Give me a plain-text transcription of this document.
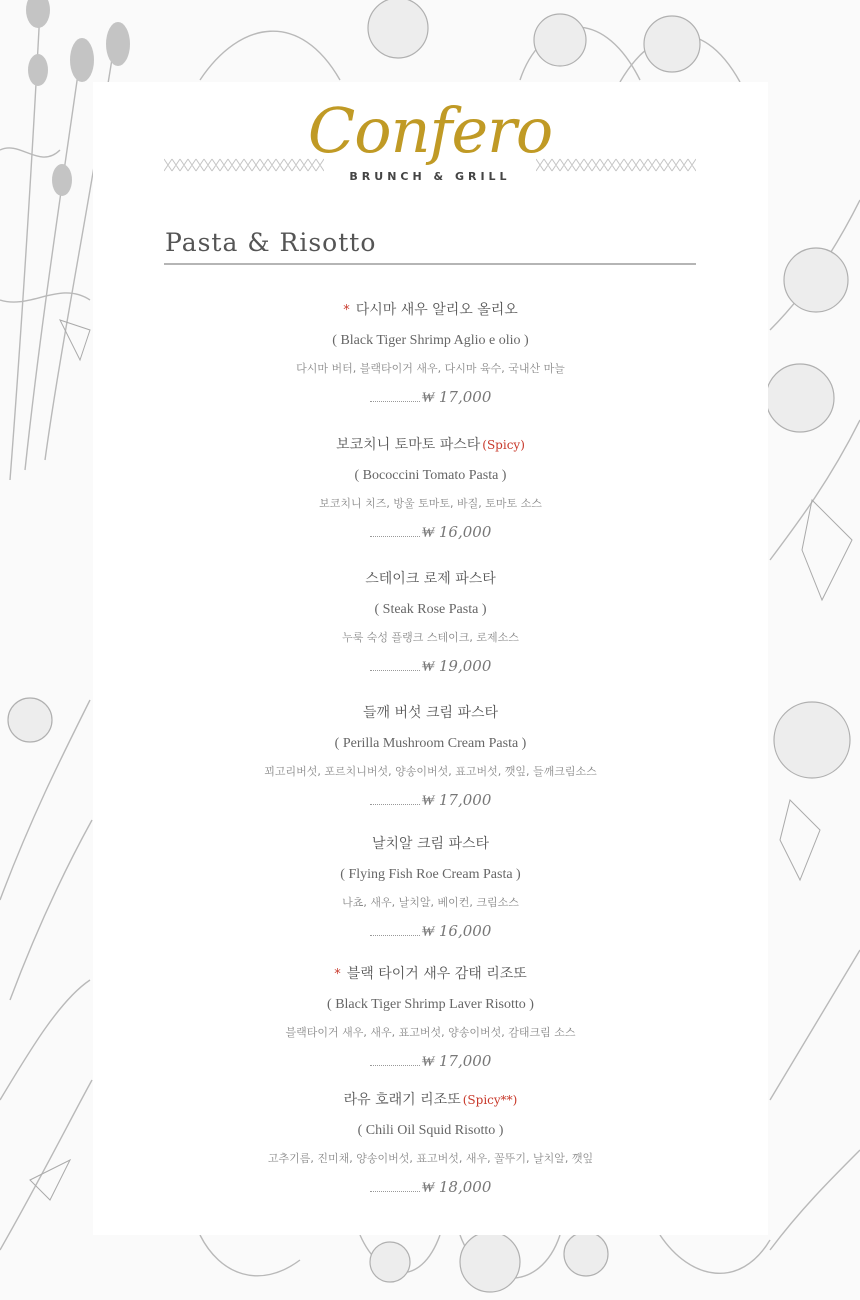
Confero
BRUNCH & GRILL
Pasta & Risotto
* 다시마 새우 알리오 올리오
( Black Tiger Shrimp Aglio e olio )
다시마 버터, 블랙타이거 새우, 다시마 육수, 국내산 마늘
₩ 17,000
보코치니 토마토 파스타 (Spicy)
( Bococcini Tomato Pasta )
보코치니 치즈, 방울 토마토, 바질, 토마토 소스
₩ 16,000
스테이크 로제 파스타
( Steak Rose Pasta )
누룩 숙성 플랭크 스테이크, 로제소스
₩ 19,000
들깨 버섯 크림 파스타
( Perilla Mushroom Cream Pasta )
꾀고리버섯, 포르치니버섯, 양송이버섯, 표고버섯, 깻잎, 들깨크림소스
₩ 17,000
날치알 크림 파스타
( Flying Fish Roe Cream Pasta )
나쵸, 새우, 날치알, 베이컨, 크림소스
₩ 16,000
* 블랙 타이거 새우 감태 리조또
( Black Tiger Shrimp Laver Risotto )
블랙타이거 새우, 새우, 표고버섯, 양송이버섯, 감태크림 소스
₩ 17,000
라유 호래기 리조또 (Spicy**)
( Chili Oil Squid Risotto )
고추기름, 진미채, 양송이버섯, 표고버섯, 새우, 꼴뚜기, 날치알, 깻잎
₩ 18,000
